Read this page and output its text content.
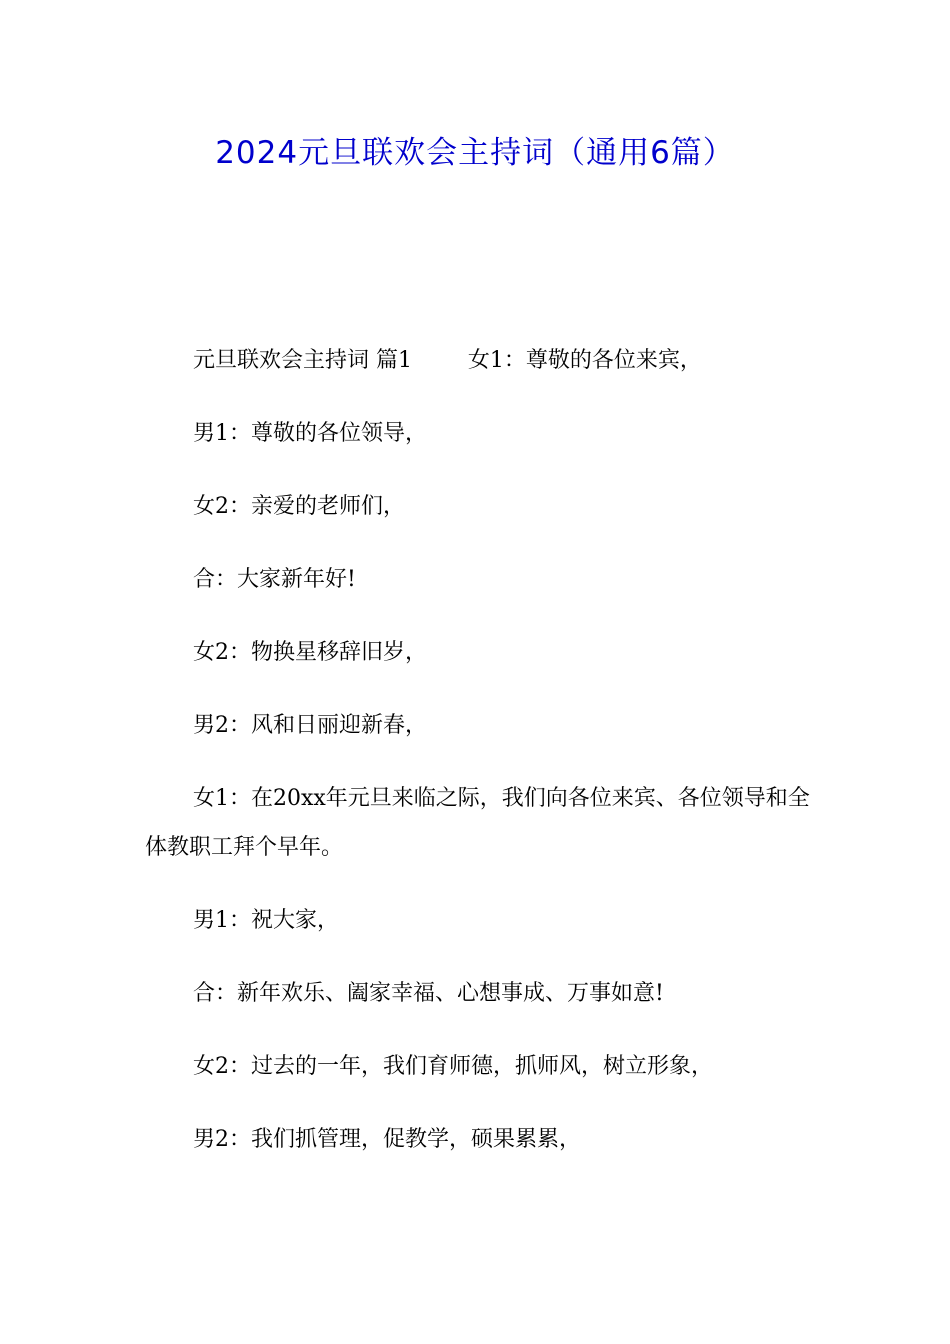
2024元旦联欢会主持词（通用6篇）

元旦联欢会主持词 篇1        女1：尊敬的各位来宾，

男1：尊敬的各位领导，

女2：亲爱的老师们，

合：大家新年好!

女2：物换星移辞旧岁，

男2：风和日丽迎新春，

女1：在20xx年元旦来临之际，我们向各位来宾、各位领导和全体教职工拜个早年。

男1：祝大家，

合：新年欢乐、阖家幸福、心想事成、万事如意!

女2：过去的一年，我们育师德，抓师风，树立形象，

男2：我们抓管理，促教学，硕果累累，
